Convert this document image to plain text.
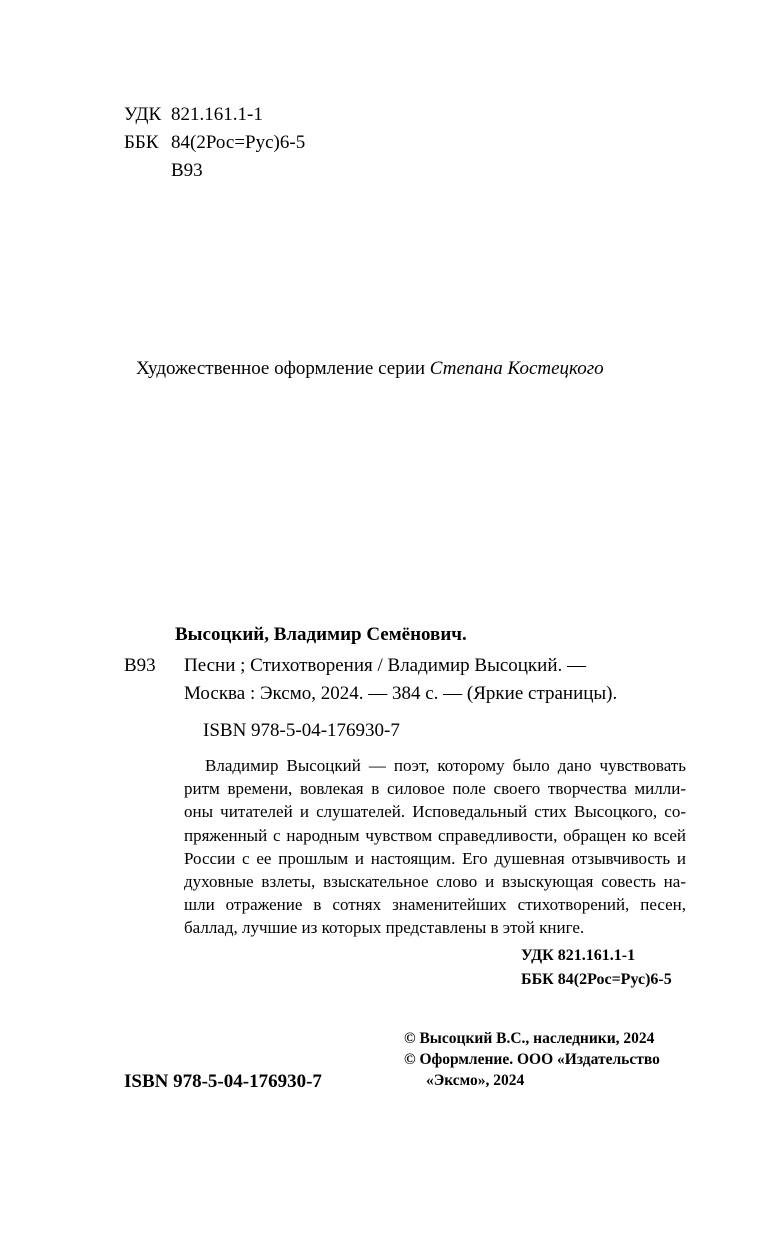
УДК 821.161.1-1
ББК 84(2Рос=Рус)6-5
В93
Художественное оформление серии Степана Костецкого
Высоцкий, Владимир Семёнович.
В93 Песни ; Стихотворения / Владимир Высоцкий. —
Москва : Эксмо, 2024. — 384 с. — (Яркие страницы).
ISBN 978-5-04-176930-7
Владимир Высоцкий — поэт, которому было дано чувствовать
ритм времени, вовлекая в силовое поле своего творчества милли-
оны читателей и слушателей. Исповедальный стих Высоцкого, со-
пряженный с народным чувством справедливости, обращен ко всей
России с ее прошлым и настоящим. Его душевная отзывчивость и
духовные взлеты, взыскательное слово и взыскующая совесть на-
шли отражение в сотнях знаменитейших стихотворений, песен,
баллад, лучшие из которых представлены в этой книге.
УДК 821.161.1-1
ББК 84(2Рос=Рус)6-5
© Высоцкий В.С., наследники, 2024
© Оформление. ООО «Издательство
«Эксмо», 2024
ISBN 978-5-04-176930-7
